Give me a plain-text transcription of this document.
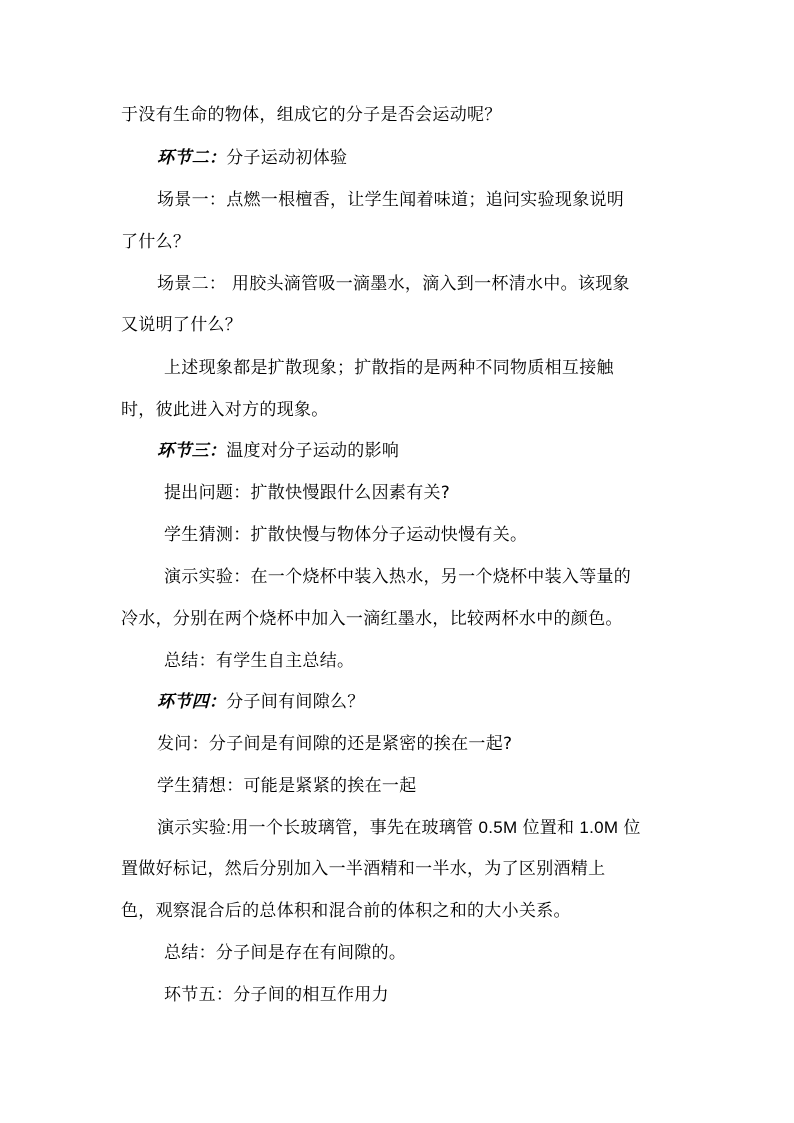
于没有生命的物体，组成它的分子是否会运动呢？
环节二：分子运动初体验
场景一：点燃一根檀香，让学生闻着味道；追问实验现象说明
了什么？
场景二： 用胶头滴管吸一滴墨水，滴入到一杯清水中。该现象
又说明了什么？
上述现象都是扩散现象；扩散指的是两种不同物质相互接触
时，彼此进入对方的现象。
环节三：温度对分子运动的影响
提出问题：扩散快慢跟什么因素有关?
学生猜测：扩散快慢与物体分子运动快慢有关。
演示实验：在一个烧杯中装入热水，另一个烧杯中装入等量的
冷水，分别在两个烧杯中加入一滴红墨水，比较两杯水中的颜色。
总结：有学生自主总结。
环节四：分子间有间隙么？
发问：分子间是有间隙的还是紧密的挨在一起?
学生猜想：可能是紧紧的挨在一起
演示实验:用一个长玻璃管，事先在玻璃管 0.5M 位置和 1.0M 位
置做好标记，然后分别加入一半酒精和一半水，为了区别酒精上
色，观察混合后的总体积和混合前的体积之和的大小关系。
总结：分子间是存在有间隙的。
环节五：分子间的相互作用力
